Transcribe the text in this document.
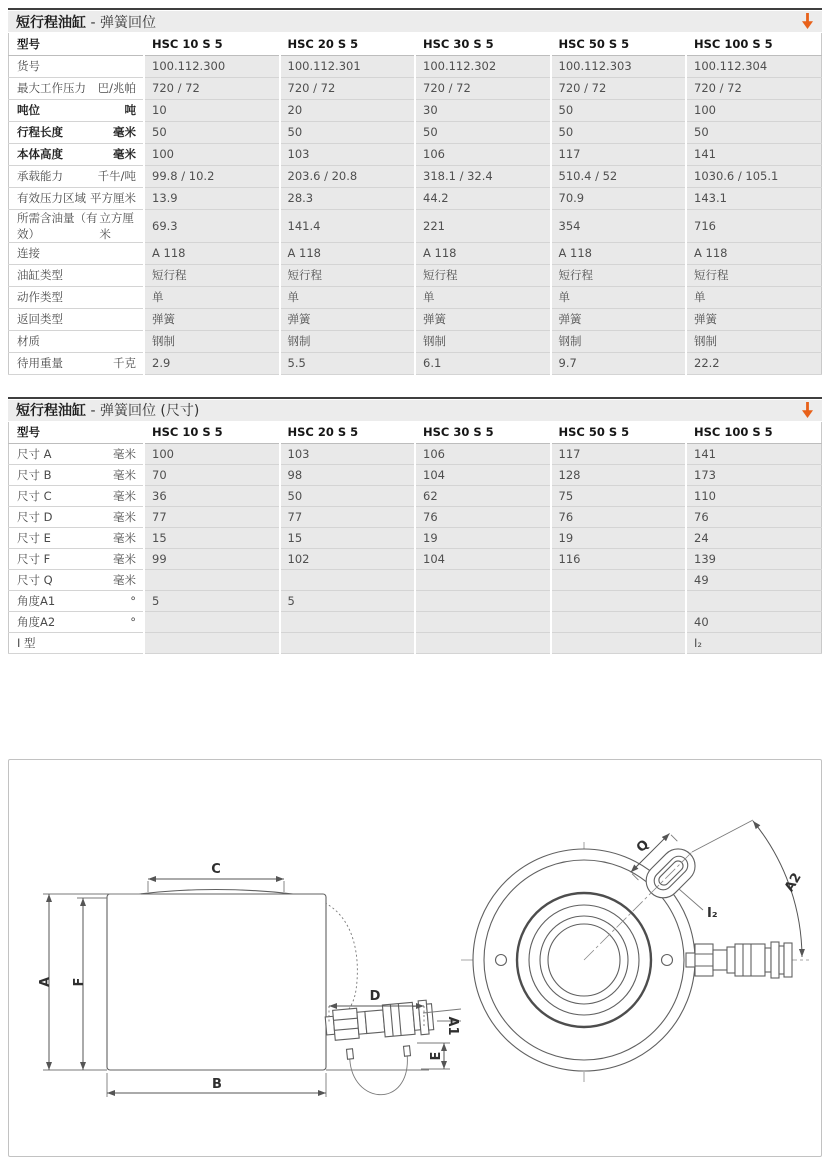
短行程油缸 - 弹簧回位
型号	HSC 10 S 5	HSC 20 S 5	HSC 30 S 5	HSC 50 S 5	HSC 100 S 5

货号	100.112.300	100.112.301	100.112.302	100.112.303	100.112.304

最大工作压力 巴/兆帕	720 / 72	720 / 72	720 / 72	720 / 72	720 / 72

吨位 吨	10	20	30	50	100

行程长度 毫米	50	50	50	50	50

本体高度 毫米	100	103	106	117	141

承载能力 千牛/吨	99.8 / 10.2	203.6 / 20.8	318.1 / 32.4	510.4 / 52	1030.6 / 105.1

有效压力区域 平方厘米	13.9	28.3	44.2	70.9	143.1

所需含油量（有效）
立方厘米	69.3	141.4	221	354	716

连接	A 118	A 118	A 118	A 118	A 118

油缸类型	短行程	短行程	短行程	短行程	短行程

动作类型	单	单	单	单	单

返回类型	弹簧	弹簧	弹簧	弹簧	弹簧

材质	钢制	钢制	钢制	钢制	钢制

待用重量 千克	2.9	5.5	6.1	9.7	22.2
短行程油缸 - 弹簧回位 (尺寸)
型号	HSC 10 S 5	HSC 20 S 5	HSC 30 S 5	HSC 50 S 5	HSC 100 S 5

尺寸 A 毫米	100	103	106	117	141

尺寸 B 毫米	70	98	104	128	173

尺寸 C 毫米	36	50	62	75	110

尺寸 D 毫米	77	77	76	76	76

尺寸 E 毫米	15	15	19	19	24

尺寸 F 毫米	99	102	104	116	139

尺寸 Q 毫米					49

角度A1 °	5	5			

角度A2 °					40

I 型					I₂
A F
C
B
D
A1
E
Q
I₂
A2
